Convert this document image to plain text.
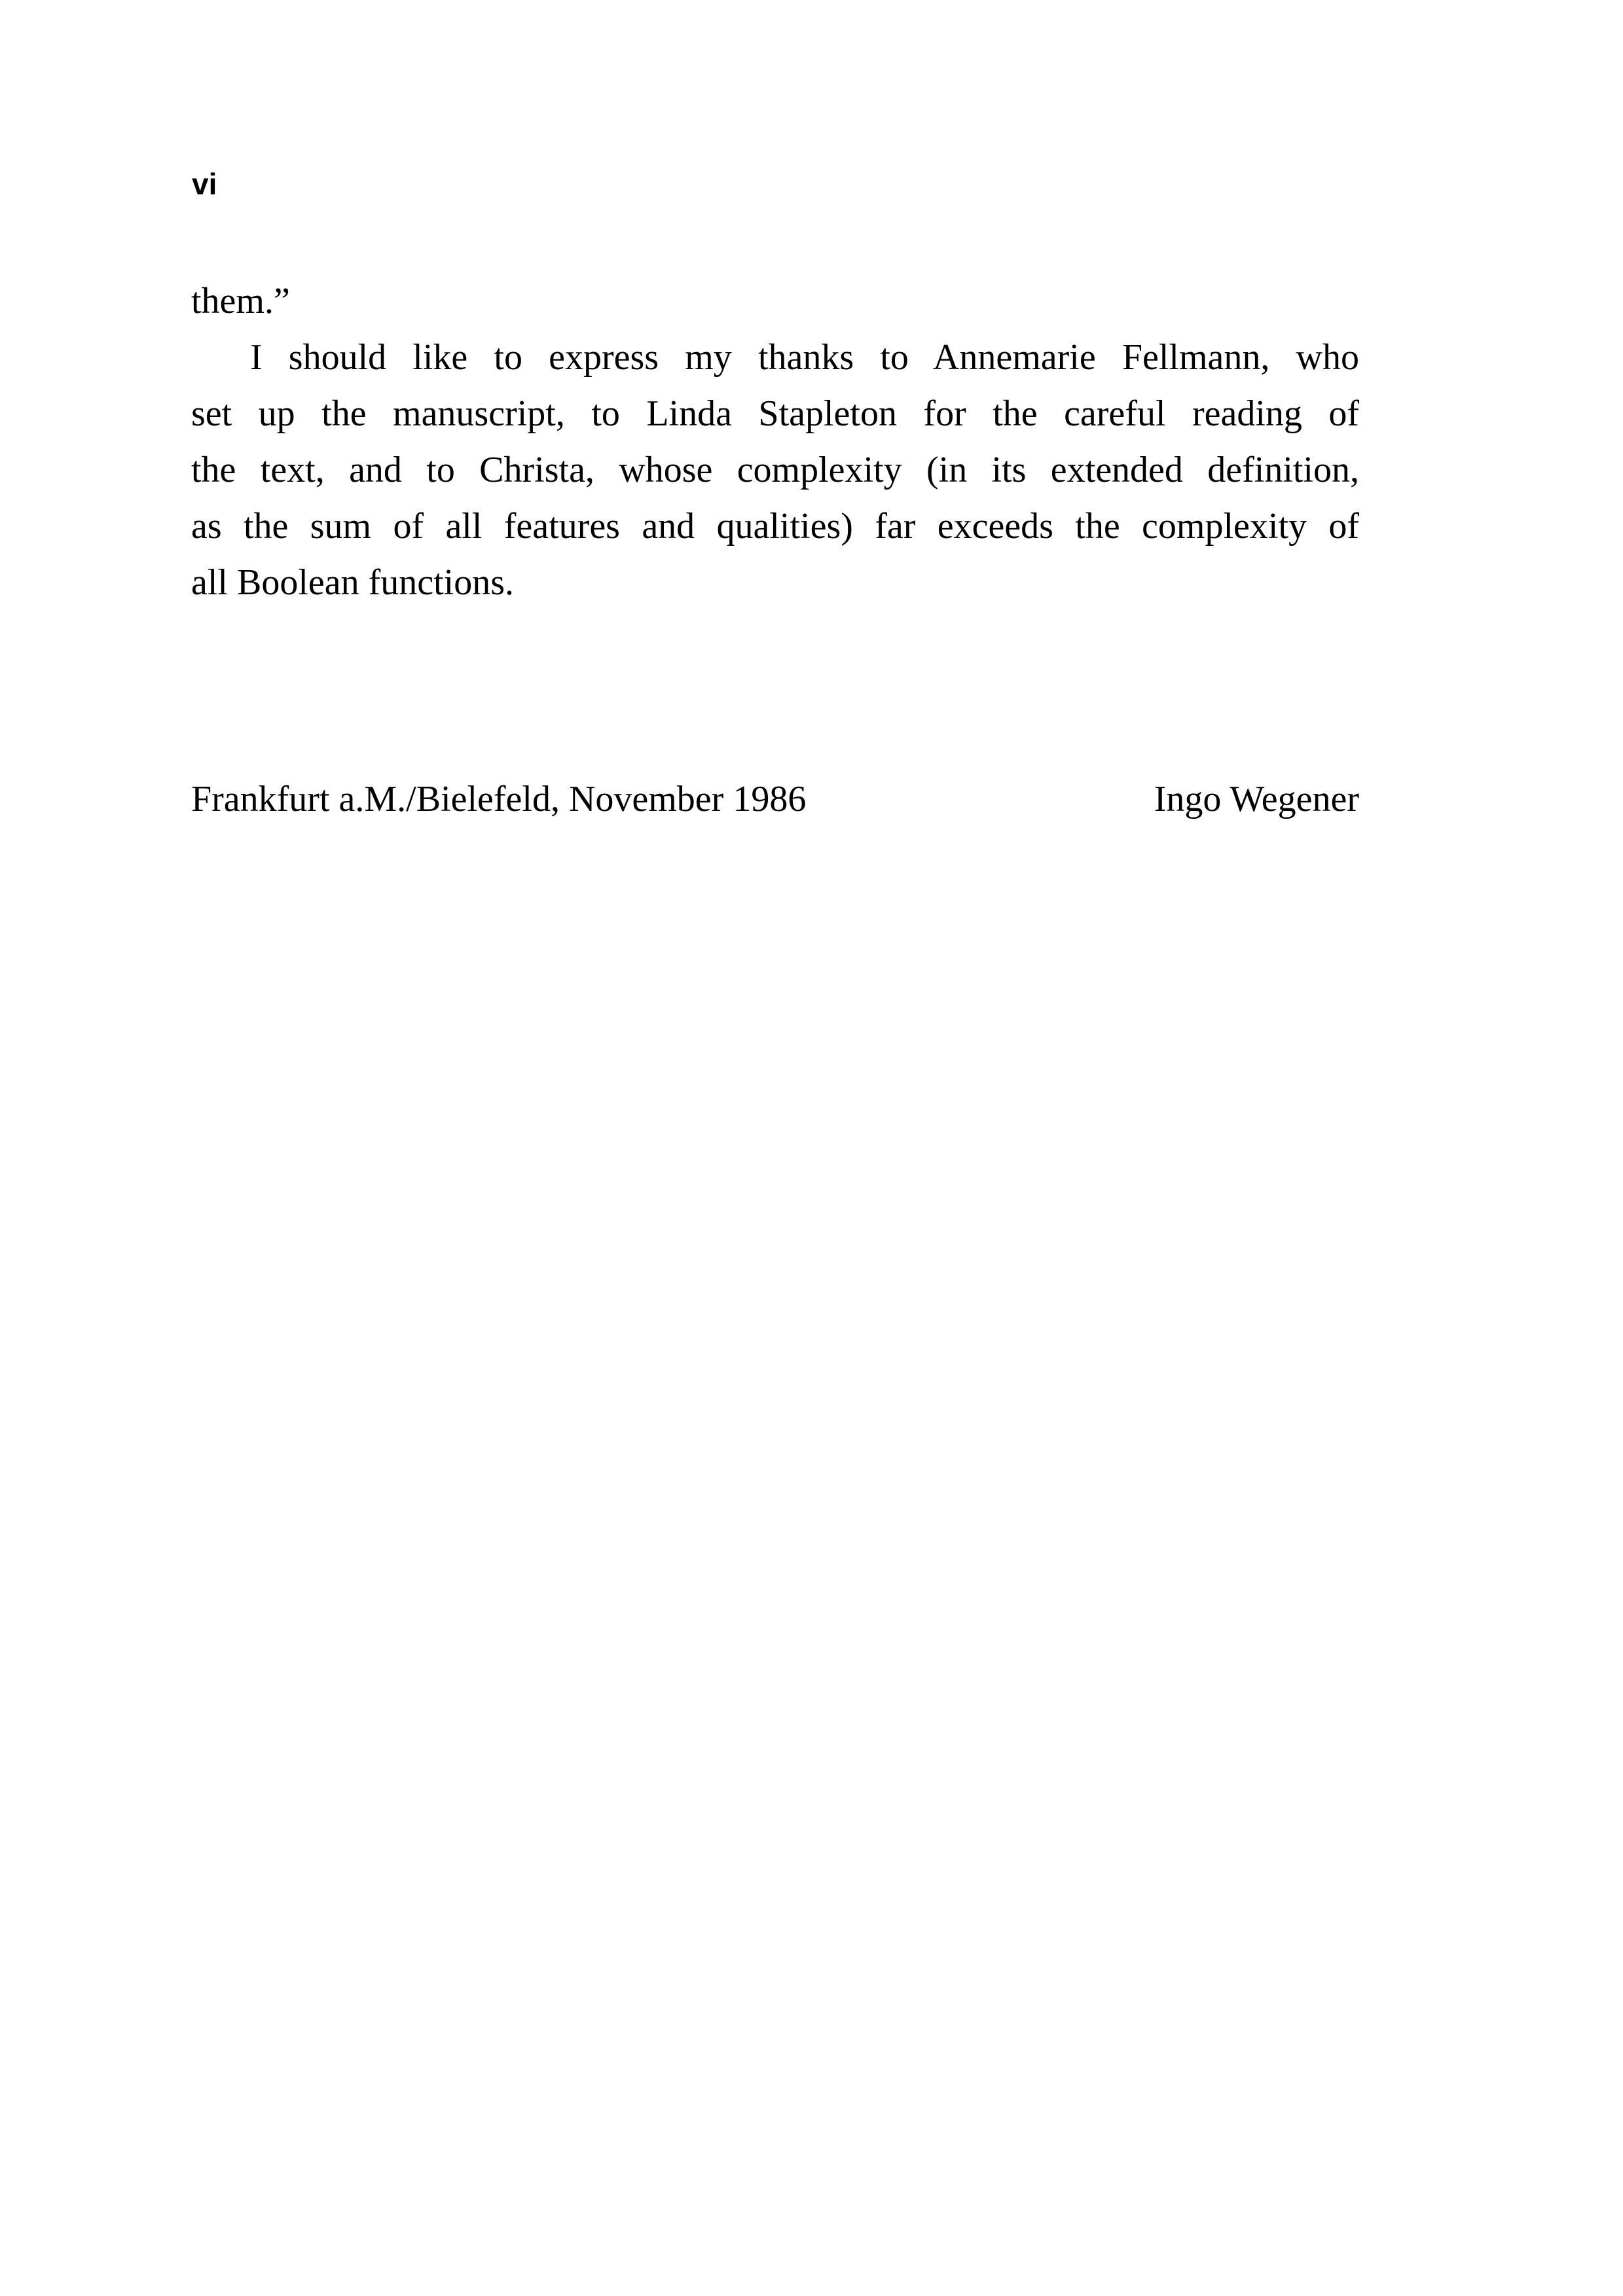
vi
them.”
I should like to express my thanks to Annemarie Fellmann, who
set up the manuscript, to Linda Stapleton for the careful reading of
the text, and to Christa, whose complexity (in its extended definition,
as the sum of all features and qualities) far exceeds the complexity of
all Boolean functions.
Frankfurt a.M./Bielefeld, November 1986	Ingo Wegener
